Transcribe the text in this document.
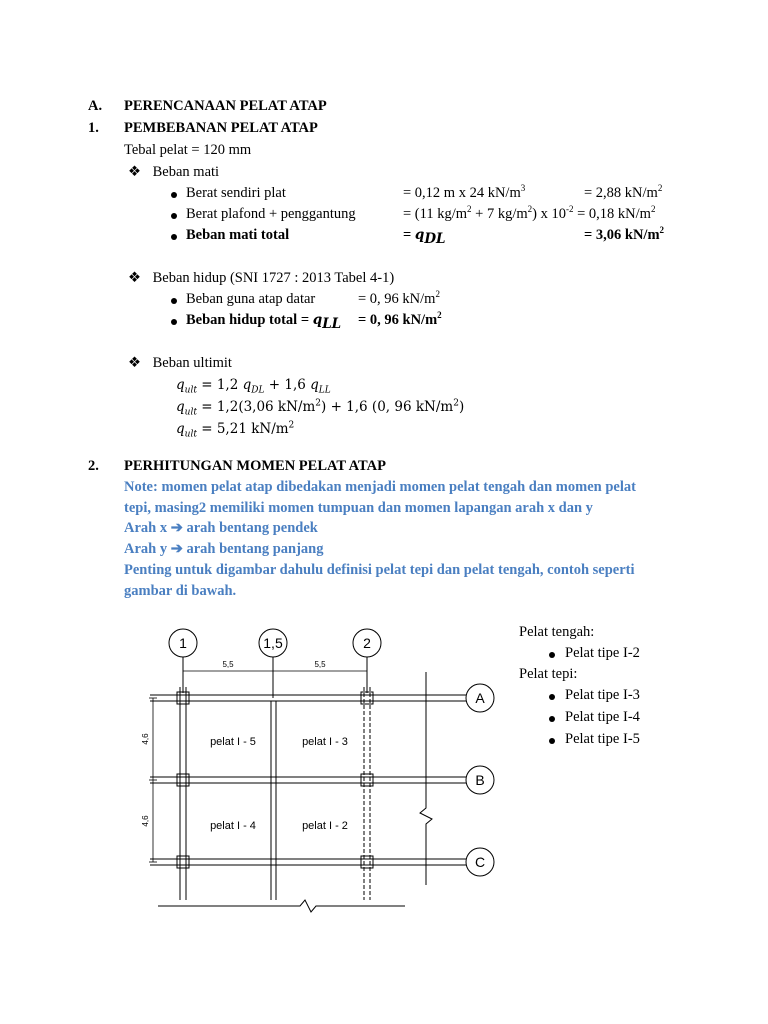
A. PERENCANAAN PELAT ATAP
1. PEMBEBANAN PELAT ATAP
Tebal pelat = 120 mm
❖ Beban mati
Berat sendiri plat	= 0,12 m x 24 $kN/m^3$	= 2,88 $kN/m^2$
Berat plafond + penggantung	= (11 $kg/m^2 + 7$ $kg/m^2$) x $10^{-2} = 0,18$ $kN/m^2$
Beban mati total	= $q_{DL}$	= 3,06 $kN/m^2$
❖ Beban hidup (SNI 1727 : 2013 Tabel 4-1)
Beban guna atap datar	= 0, 96 $kN/m^2$
Beban hidup total = $q_{LL} = 0$, 96 $kN/m^2$
❖ Beban ultimit
$q_{ult} = 1,2$ $q_{DL} + 1,6$ $q_{LL}$
$q_{ult} = 1,2(3,06$ $kN/m^2) + 1,6$ (0, 96 $kN/m^2$)
$q_{ult} = 5,21$ $kN/m^2$
2. PERHITUNGAN MOMEN PELAT ATAP
Note: momen pelat atap dibedakan menjadi momen pelat tengah dan momen pelat
tepi, masing2 memiliki momen tumpuan dan momen lapangan arah x dan y
Arah x ➔ arah bentang pendek
Arah y ➔ arah bentang panjang
Penting untuk digambar dahulu definisi pelat tepi dan pelat tengah, contoh seperti
gambar di bawah.
Pelat tengah:
Pelat tipe I-2
Pelat tepi:
Pelat tipe I-3
Pelat tipe I-4
Pelat tipe I-5
1	1,5	2
A
B
C
5,5	5,5
4,6
4,6
pelat I - 5	pelat I - 3
pelat I - 4	pelat I - 2
